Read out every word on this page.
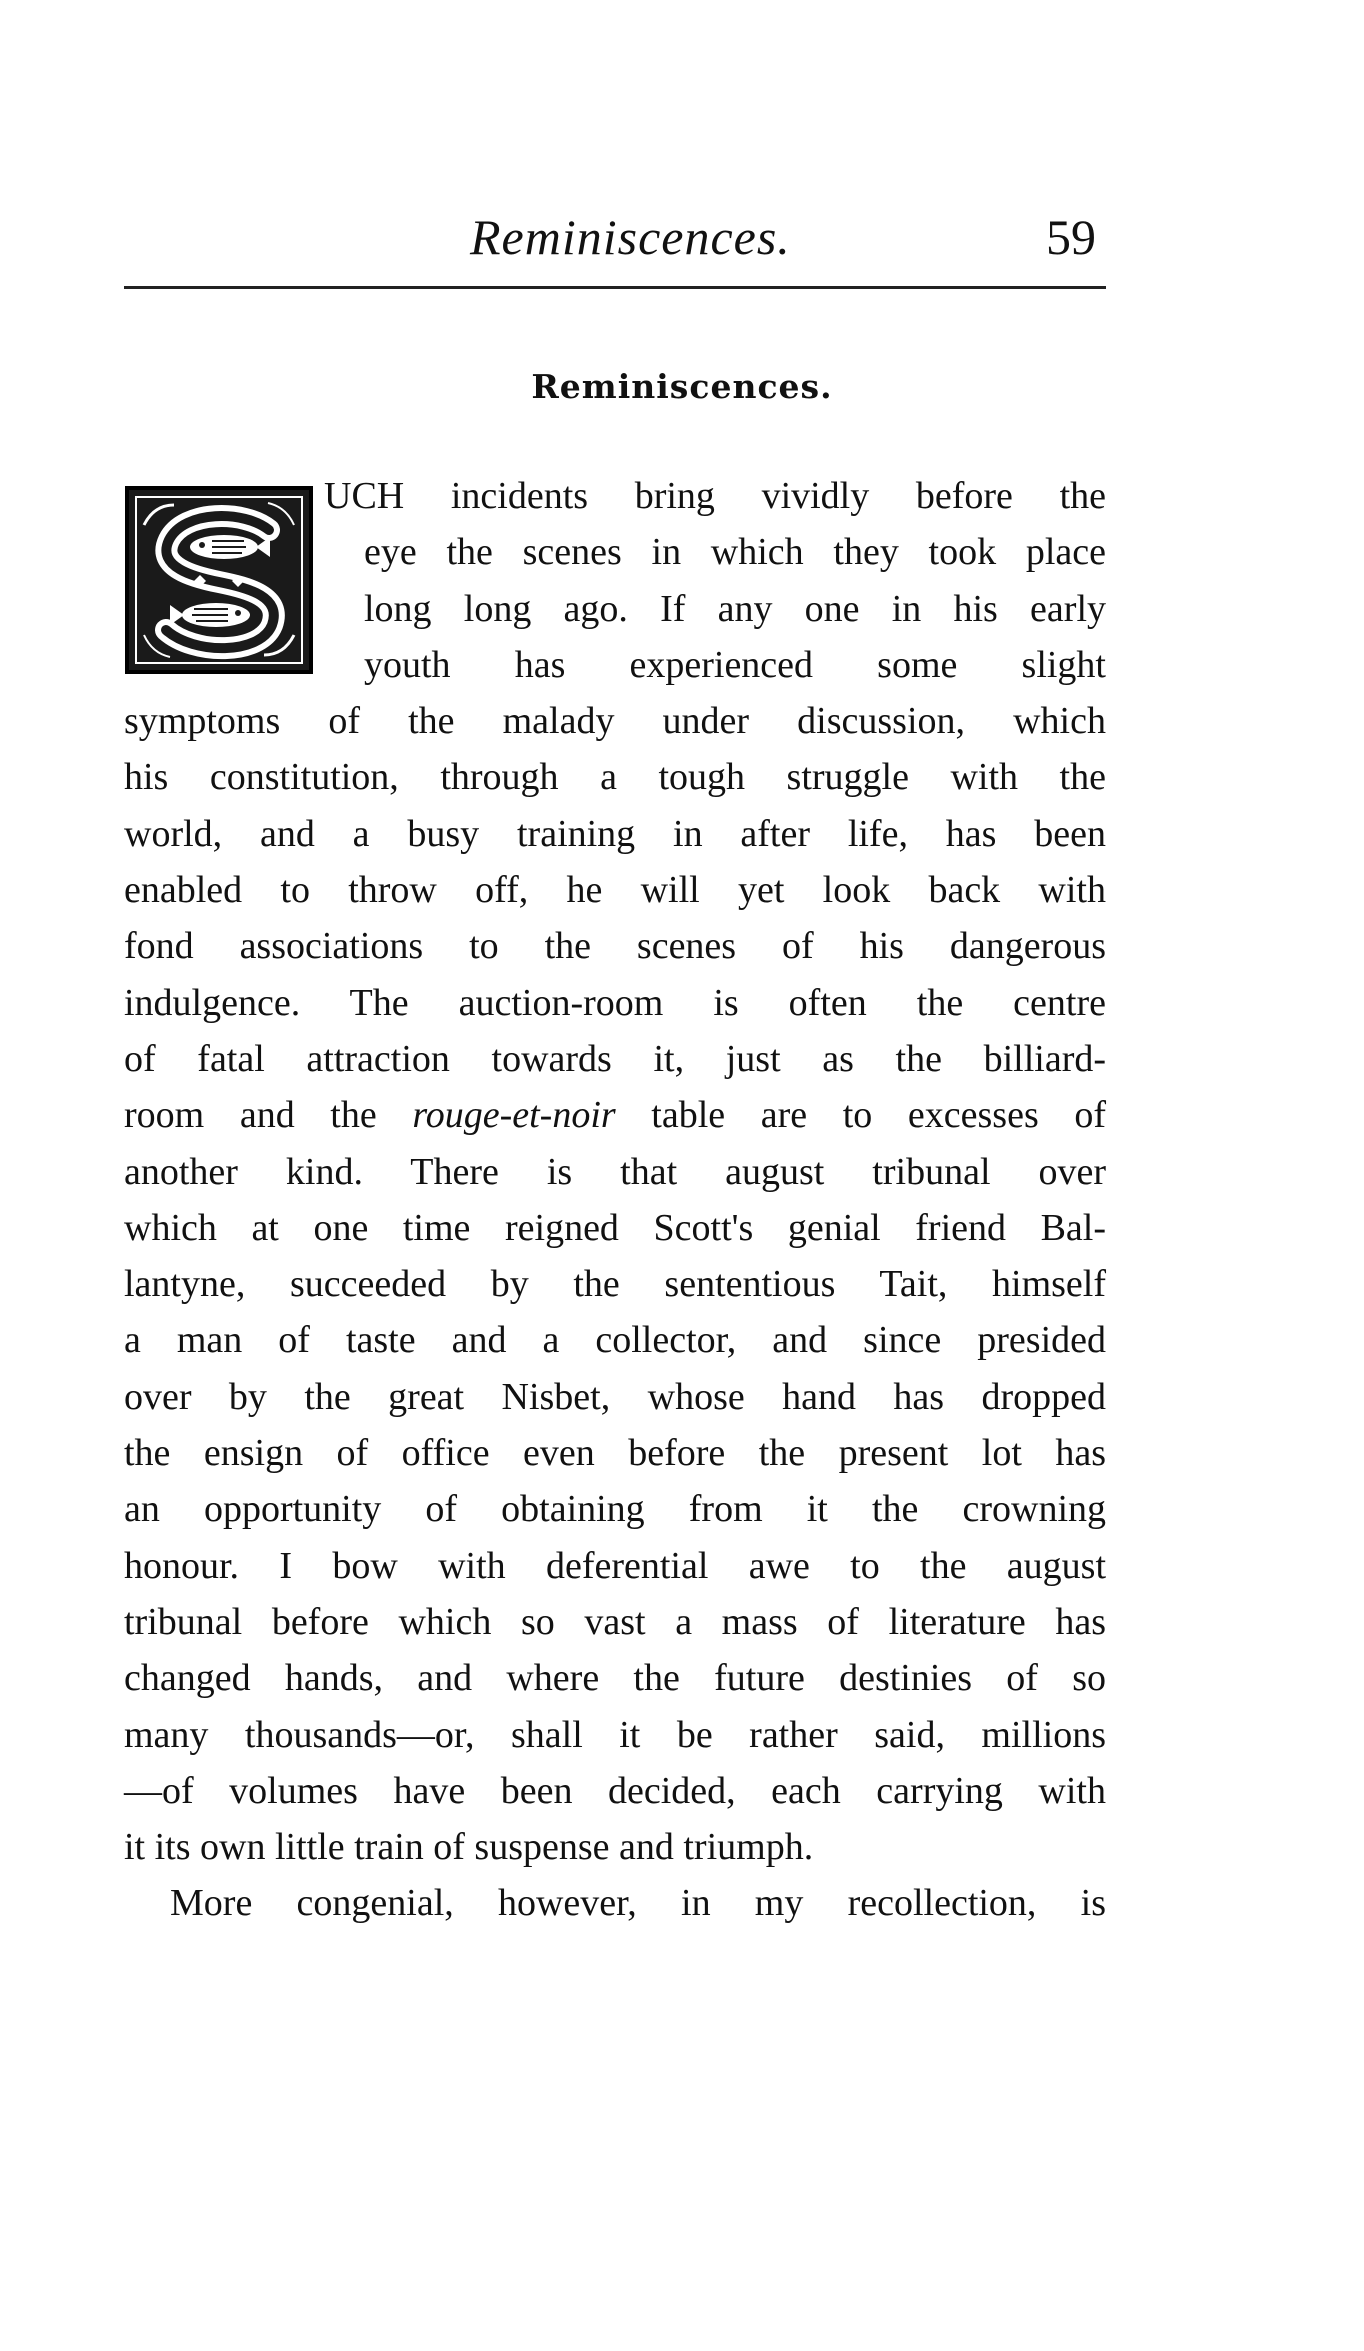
Reminiscences.	59
Reminiscences.
UCH incidents bring vividly before the
eye the scenes in which they took place
long long ago. If any one in his early
youth has experienced some slight
symptoms of the malady under discussion, which
his constitution, through a tough struggle with the
world, and a busy training in after life, has been
enabled to throw off, he will yet look back with
fond associations to the scenes of his dangerous
indulgence. The auction-room is often the centre
of fatal attraction towards it, just as the billiard-
room and the rouge-et-noir table are to excesses of
another kind. There is that august tribunal over
which at one time reigned Scott's genial friend Bal-
lantyne, succeeded by the sententious Tait, himself
a man of taste and a collector, and since presided
over by the great Nisbet, whose hand has dropped
the ensign of office even before the present lot has
an opportunity of obtaining from it the crowning
honour. I bow with deferential awe to the august
tribunal before which so vast a mass of literature has
changed hands, and where the future destinies of so
many thousands—or, shall it be rather said, millions
—of volumes have been decided, each carrying with
it its own little train of suspense and triumph.
More congenial, however, in my recollection, is
